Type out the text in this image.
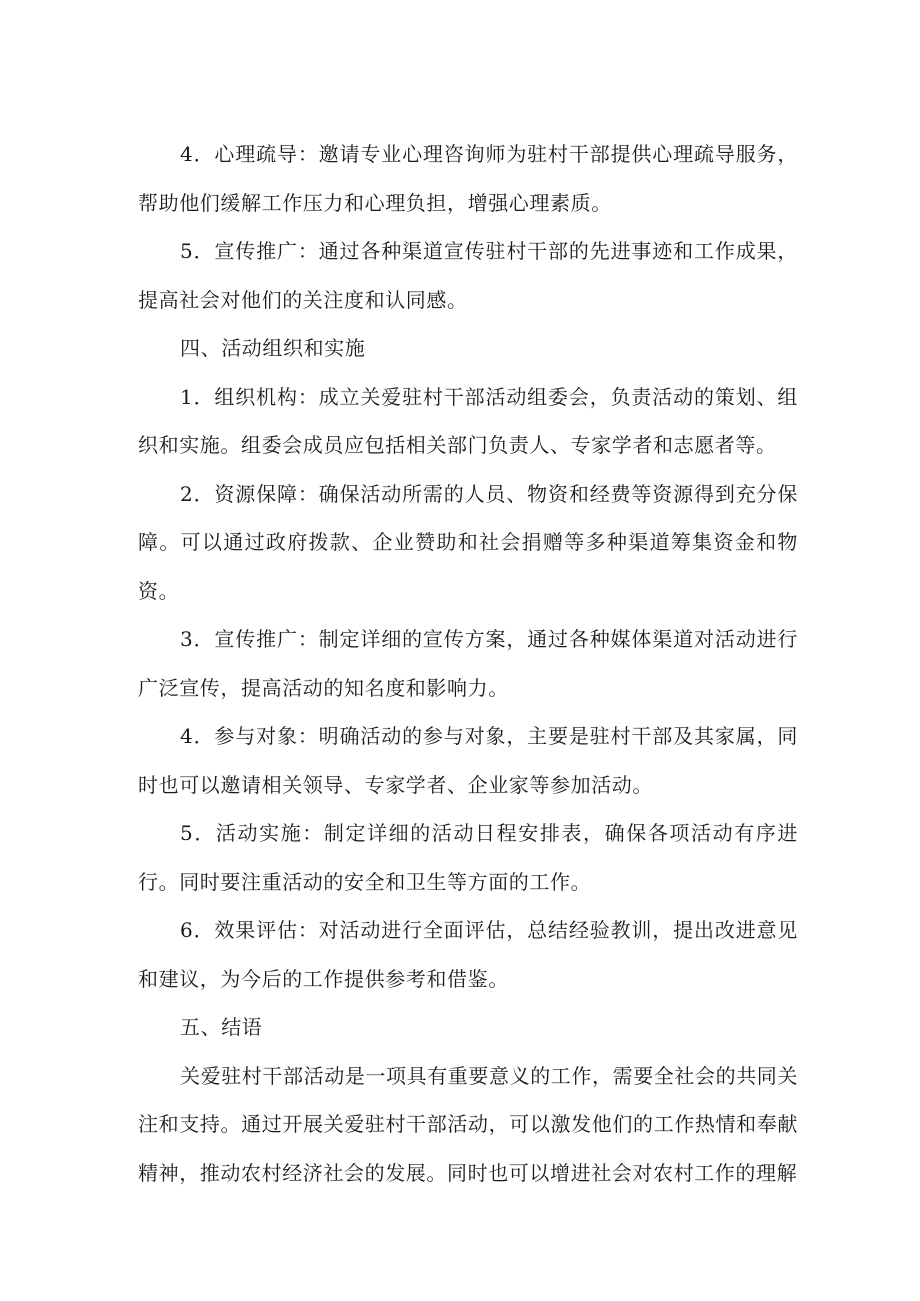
4．心理疏导：邀请专业心理咨询师为驻村干部提供心理疏导服务，帮助他们缓解工作压力和心理负担，增强心理素质。

5．宣传推广：通过各种渠道宣传驻村干部的先进事迹和工作成果，提高社会对他们的关注度和认同感。

四、活动组织和实施

1．组织机构：成立关爱驻村干部活动组委会，负责活动的策划、组织和实施。组委会成员应包括相关部门负责人、专家学者和志愿者等。

2．资源保障：确保活动所需的人员、物资和经费等资源得到充分保障。可以通过政府拨款、企业赞助和社会捐赠等多种渠道筹集资金和物资。

3．宣传推广：制定详细的宣传方案，通过各种媒体渠道对活动进行广泛宣传，提高活动的知名度和影响力。

4．参与对象：明确活动的参与对象，主要是驻村干部及其家属，同时也可以邀请相关领导、专家学者、企业家等参加活动。

5．活动实施：制定详细的活动日程安排表，确保各项活动有序进行。同时要注重活动的安全和卫生等方面的工作。

6．效果评估：对活动进行全面评估，总结经验教训，提出改进意见和建议，为今后的工作提供参考和借鉴。

五、结语

关爱驻村干部活动是一项具有重要意义的工作，需要全社会的共同关注和支持。通过开展关爱驻村干部活动，可以激发他们的工作热情和奉献精神，推动农村经济社会的发展。同时也可以增进社会对农村工作的理解
